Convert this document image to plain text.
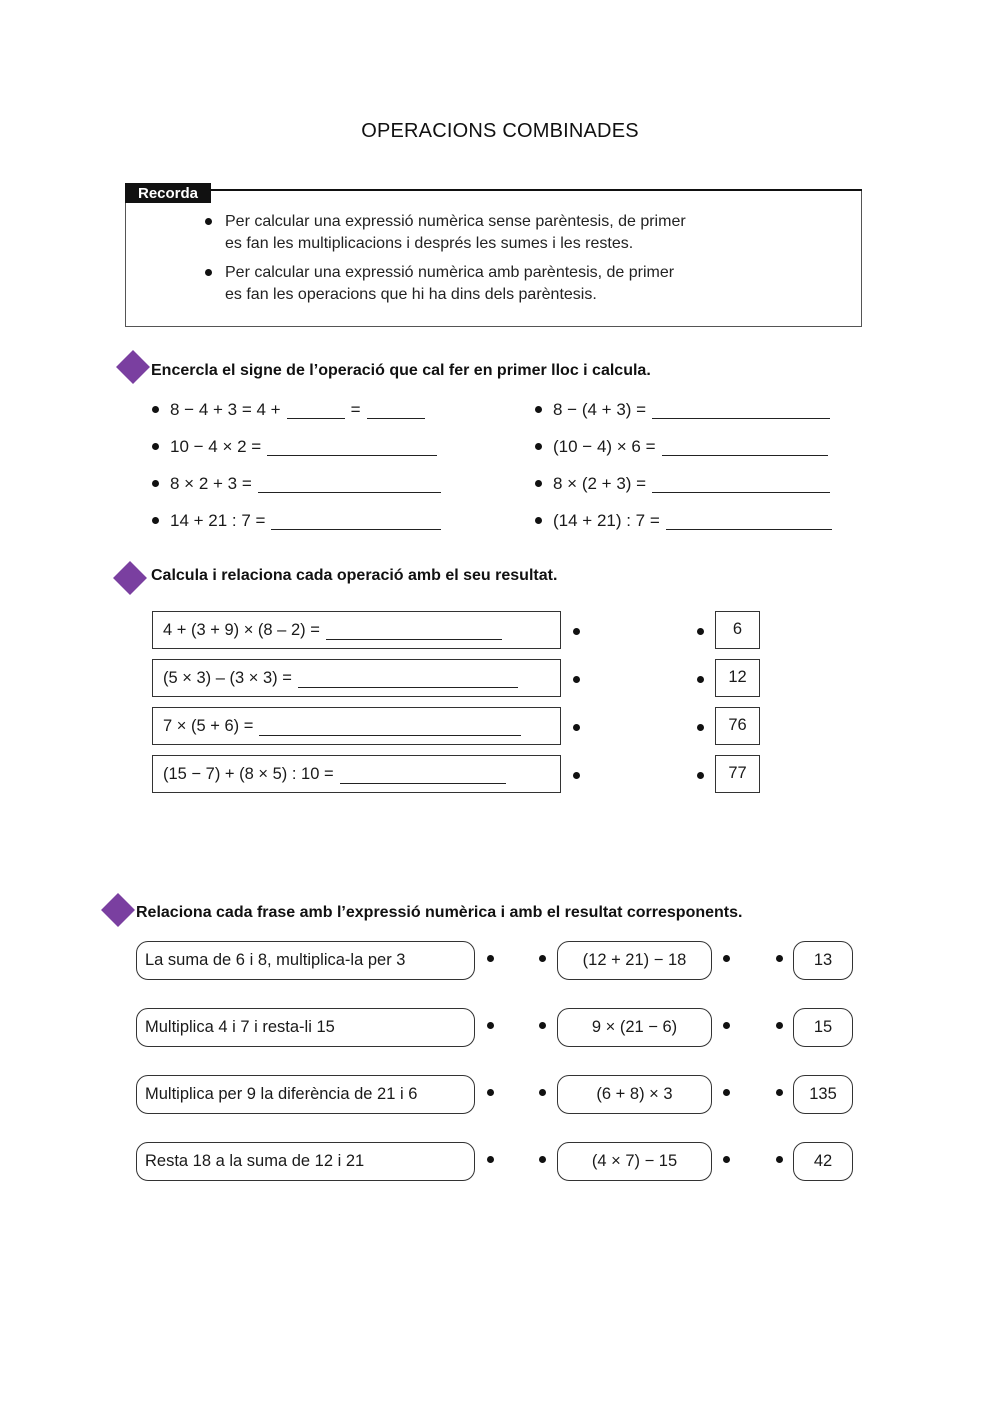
OPERACIONS COMBINADES
Recorda
Per calcular una expressió numèrica sense parèntesis, de primer
es fan les multiplicacions i després les sumes i les restes.
Per calcular una expressió numèrica amb parèntesis, de primer
es fan les operacions que hi ha dins dels parèntesis.
Encercla el signe de l’operació que cal fer en primer lloc i calcula.
8 − 4 + 3 = 4 +	=
10 − 4 × 2 =
8 × 2 + 3 =
14 + 21 : 7 =
8 − (4 + 3) =
(10 − 4) × 6 =
8 × (2 + 3) =
(14 + 21) : 7 =
Calcula i relaciona cada operació amb el seu resultat.
4 + (3 + 9) × (8 – 2) =
(5 × 3) – (3 × 3) =
7 × (5 + 6) =
(15 − 7) + (8 × 5) : 10 =
6
12
76
77
Relaciona cada frase amb l’expressió numèrica i amb el resultat corresponents.
La suma de 6 i 8, multiplica-la per 3
Multiplica 4 i 7 i resta-li 15
Multiplica per 9 la diferència de 21 i 6
Resta 18 a la suma de 12 i 21
(12 + 21) − 18
9 × (21 − 6)
(6 + 8) × 3
(4 × 7) − 15
13
15
135
42
